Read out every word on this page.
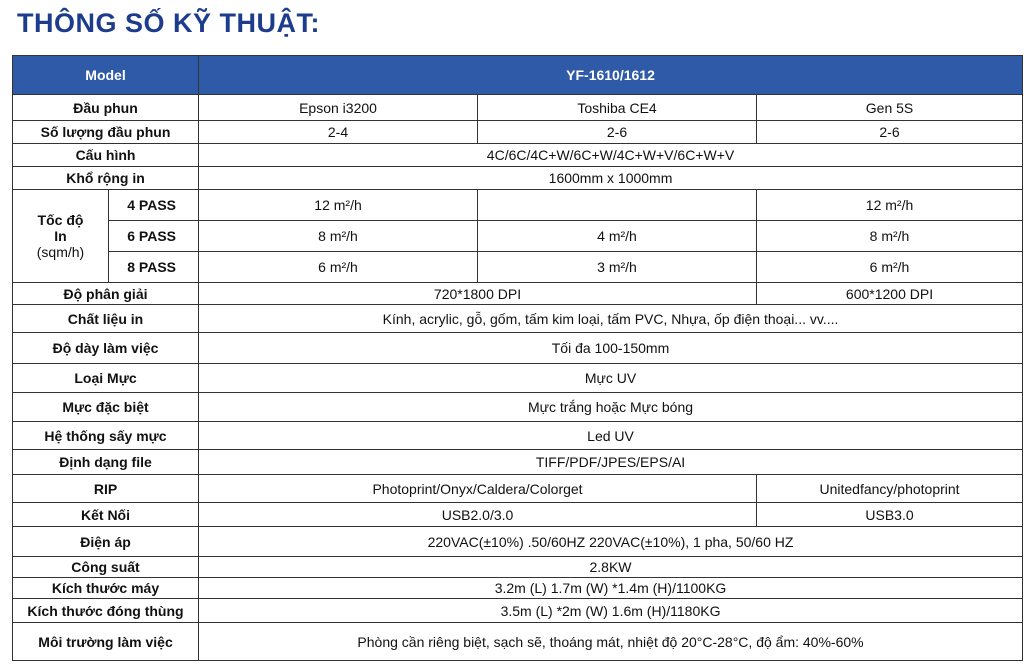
THÔNG SỐ KỸ THUẬT:
Model		YF-1610/1612		
Đầu phun		Epson i3200	Toshiba CE4	Gen 5S
Số lượng đầu phun		2-4	2-6	2-6
Cấu hình		4C/6C/4C+W/6C+W/4C+W+V/6C+W+V		
Khổ rộng in		1600mm x 1000mm		

Tốc độ
In
(sqm/h)	4 PASS	12 m²/h		12 m²/h
	6 PASS	8 m²/h	4 m²/h	8 m²/h
	8 PASS	6 m²/h	3 m²/h	6 m²/h
Độ phân giải		720*1800 DPI		600*1200 DPI
Chất liệu in		Kính, acrylic, gỗ, gốm, tấm kim loại, tấm PVC, Nhựa, ốp điện thoại... vv....		
Độ dày làm việc		Tối đa 100-150mm		
Loại Mực		Mực UV		
Mực đặc biệt		Mực trắng hoặc Mực bóng		
Hệ thống sấy mực		Led UV		
Định dạng file		TIFF/PDF/JPES/EPS/AI		
RIP		Photoprint/Onyx/Caldera/Colorget		Unitedfancy/photoprint
Kết Nối		USB2.0/3.0		USB3.0
Điện áp		220VAC(±10%) .50/60HZ 220VAC(±10%), 1 pha, 50/60 HZ		
Công suất		2.8KW		
Kích thước máy		3.2m (L) 1.7m (W) *1.4m (H)/1100KG		
Kích thước đóng thùng		3.5m (L) *2m (W) 1.6m (H)/1180KG		
Môi trường làm việc		Phòng cần riêng biệt, sạch sẽ, thoáng mát, nhiệt độ 20°C-28°C, độ ẩm: 40%-60%		
